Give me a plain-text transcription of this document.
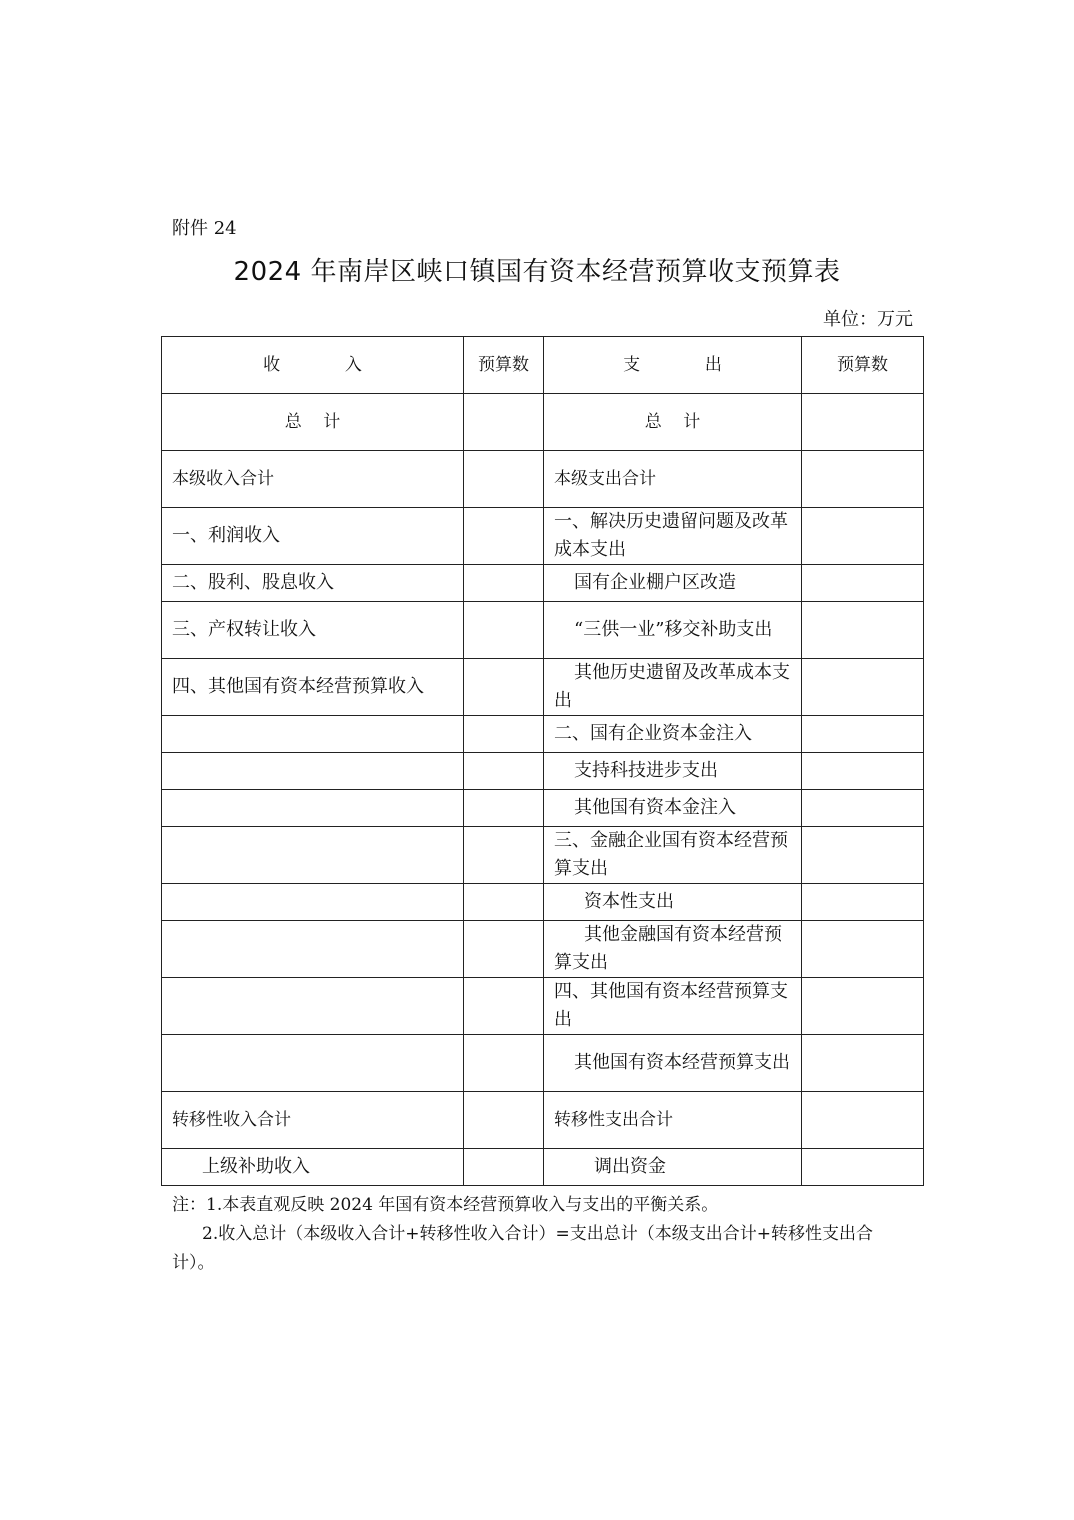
附件 24
2024 年南岸区峡口镇国有资本经营预算收支预算表
单位：万元
收            入	预算数	支            出	预算数
总    计		总    计	
本级收入合计		本级支出合计	
一、利润收入		一、解决历史遗留问题及改革成本支出	
二、股利、股息收入		国有企业棚户区改造	
三、产权转让收入		“三供一业”移交补助支出	
四、其他国有资本经营预算收入		其他历史遗留及改革成本支出	
		二、国有企业资本金注入	
		支持科技进步支出	
		其他国有资本金注入	
		三、金融企业国有资本经营预算支出	
		资本性支出	
		其他金融国有资本经营预算支出	
		四、其他国有资本经营预算支出	
		其他国有资本经营预算支出	
转移性收入合计		转移性支出合计	
上级补助收入		调出资金	

注：1.本表直观反映 2024 年国有资本经营预算收入与支出的平衡关系。

2.收入总计（本级收入合计+转移性收入合计）=支出总计（本级支出合计+转移性支出合计）。
